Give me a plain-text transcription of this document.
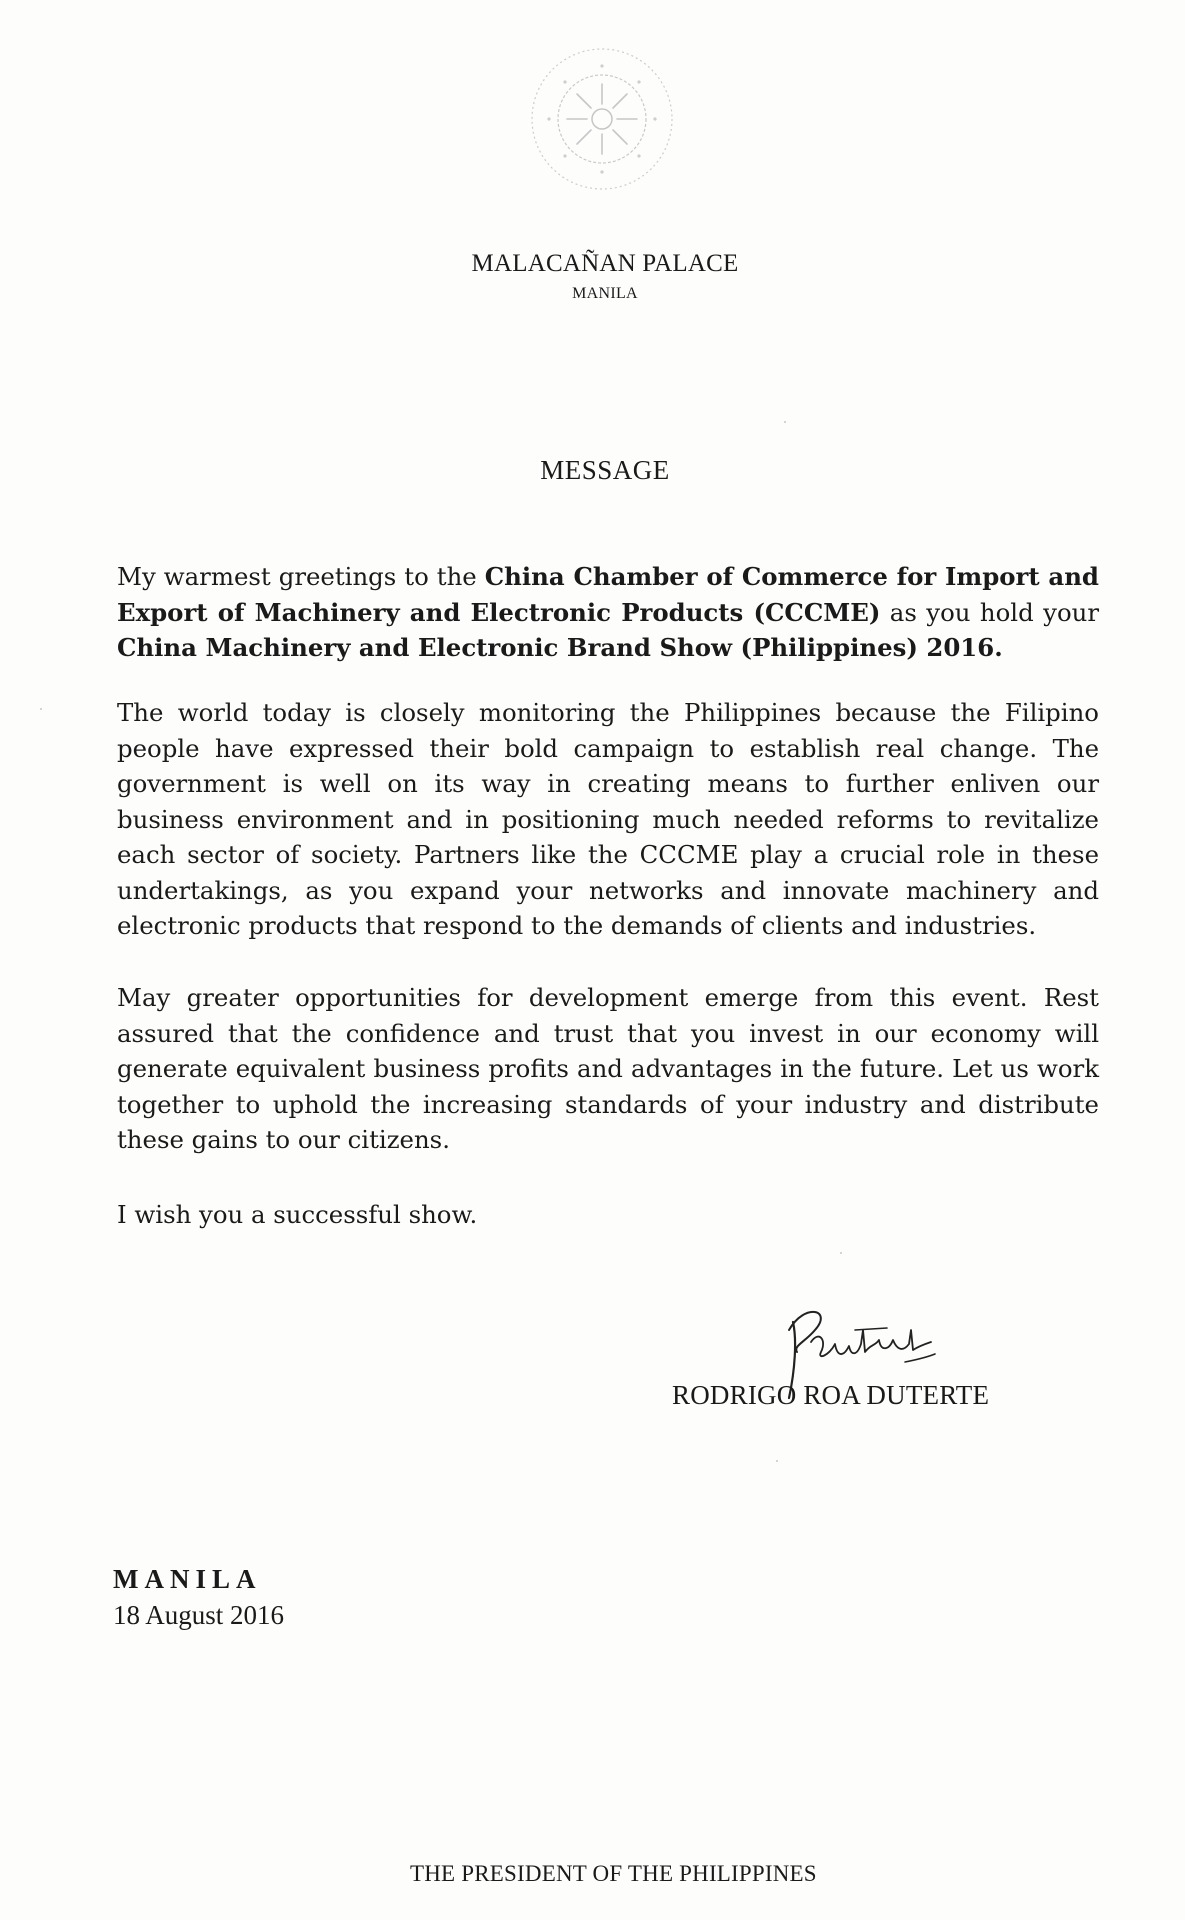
MALACAÑAN PALACE
MANILA
MESSAGE

My warmest greetings to the China Chamber of Commerce for Import and Export of Machinery and Electronic Products (CCCME) as you hold your China Machinery and Electronic Brand Show (Philippines) 2016.

The world today is closely monitoring the Philippines because the Filipino people have expressed their bold campaign to establish real change. The government is well on its way in creating means to further enliven our business environment and in positioning much needed reforms to revitalize each sector of society. Partners like the CCCME play a crucial role in these undertakings, as you expand your networks and innovate machinery and electronic products that respond to the demands of clients and industries.

May greater opportunities for development emerge from this event. Rest assured that the confidence and trust that you invest in our economy will generate equivalent business profits and advantages in the future. Let us work together to uphold the increasing standards of your industry and distribute these gains to our citizens.

I wish you a successful show.

RODRIGO ROA DUTERTE
MANILA
18 August 2016
THE PRESIDENT OF THE PHILIPPINES
